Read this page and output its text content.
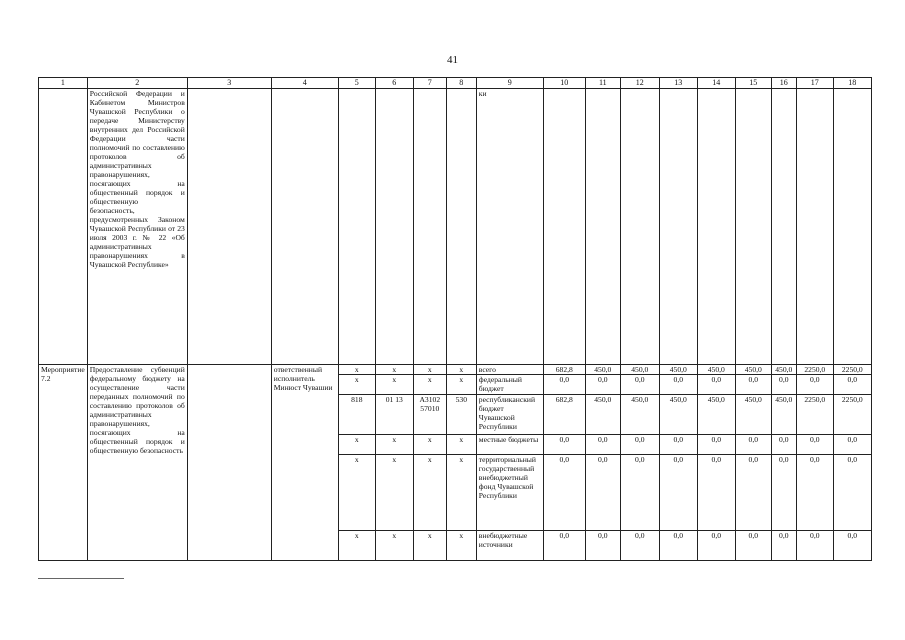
41
1	2	3	4	5	6	7	8	9	10	11	12	13	14	15	16	17	18
	Российской Федерации и Кабинетом Министров Чувашской Республики о передаче Министерству внутренних дел Российской Федерации части полномочий по составлению протоколов об административных правонарушениях, посягающих на общественный порядок и общественную безопасность, предусмотренных Законом Чувашской Республики от 23 июля 2003 г. № 22 «Об административных правонарушениях в Чувашской Республике»							ки									
Мероприятие 7.2	Предоставление субвенций федеральному бюджету на осуществление части переданных полномочий по составлению протоколов об административных правонарушениях, посягающих на общественный порядок и общественную безопасность		ответственный исполнитель Минюст Чувашии	x	x	x	x	всего	682,8	450,0	450,0	450,0	450,0	450,0	450,0	2250,0	2250,0
				x	x	x	x	федеральный бюджет	0,0	0,0	0,0	0,0	0,0	0,0	0,0	0,0	0,0
				818	01 13	А3102 57010	530	республиканский бюджет Чувашской Республики	682,8	450,0	450,0	450,0	450,0	450,0	450,0	2250,0	2250,0
				x	x	x	x	местные бюджеты	0,0	0,0	0,0	0,0	0,0	0,0	0,0	0,0	0,0
				x	x	x	x	территориальный государственный внебюджетный фонд Чувашской Республики	0,0	0,0	0,0	0,0	0,0	0,0	0,0	0,0	0,0
				x	x	x	x	внебюджетные источники	0,0	0,0	0,0	0,0	0,0	0,0	0,0	0,0	0,0
